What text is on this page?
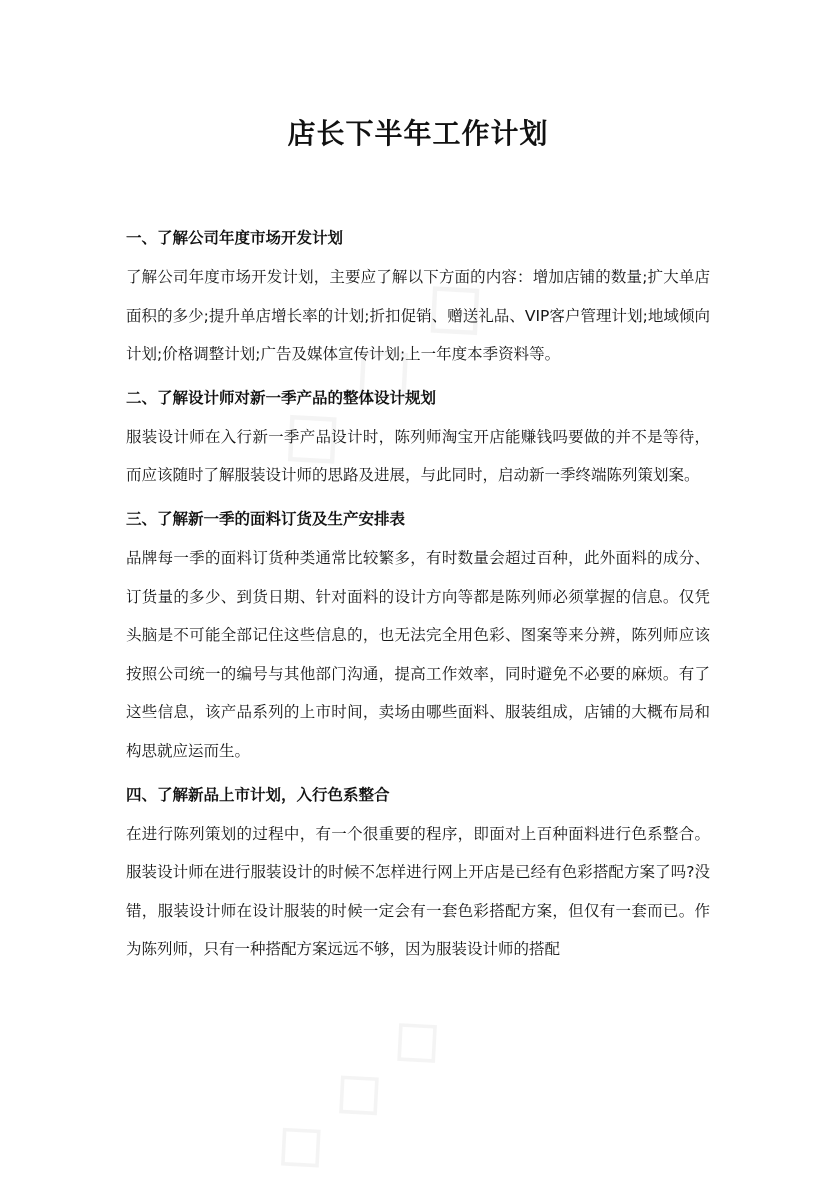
店长下半年工作计划

一、了解公司年度市场开发计划

了解公司年度市场开发计划，主要应了解以下方面的内容：增加店铺的数量;扩大单店面积的多少;提升单店增长率的计划;折扣促销、赠送礼品、VIP客户管理计划;地域倾向计划;价格调整计划;广告及媒体宣传计划;上一年度本季资料等。

二、了解设计师对新一季产品的整体设计规划

服装设计师在入行新一季产品设计时，陈列师淘宝开店能赚钱吗要做的并不是等待，而应该随时了解服装设计师的思路及进展，与此同时，启动新一季终端陈列策划案。

三、了解新一季的面料订货及生产安排表

品牌每一季的面料订货种类通常比较繁多，有时数量会超过百种，此外面料的成分、订货量的多少、到货日期、针对面料的设计方向等都是陈列师必须掌握的信息。仅凭头脑是不可能全部记住这些信息的，也无法完全用色彩、图案等来分辨，陈列师应该按照公司统一的编号与其他部门沟通，提高工作效率，同时避免不必要的麻烦。有了这些信息，该产品系列的上市时间，卖场由哪些面料、服装组成，店铺的大概布局和构思就应运而生。

四、了解新品上市计划，入行色系整合

在进行陈列策划的过程中，有一个很重要的程序，即面对上百种面料进行色系整合。服装设计师在进行服装设计的时候不怎样进行网上开店是已经有色彩搭配方案了吗?没错，服装设计师在设计服装的时候一定会有一套色彩搭配方案，但仅有一套而已。作为陈列师，只有一种搭配方案远远不够，因为服装设计师的搭配
